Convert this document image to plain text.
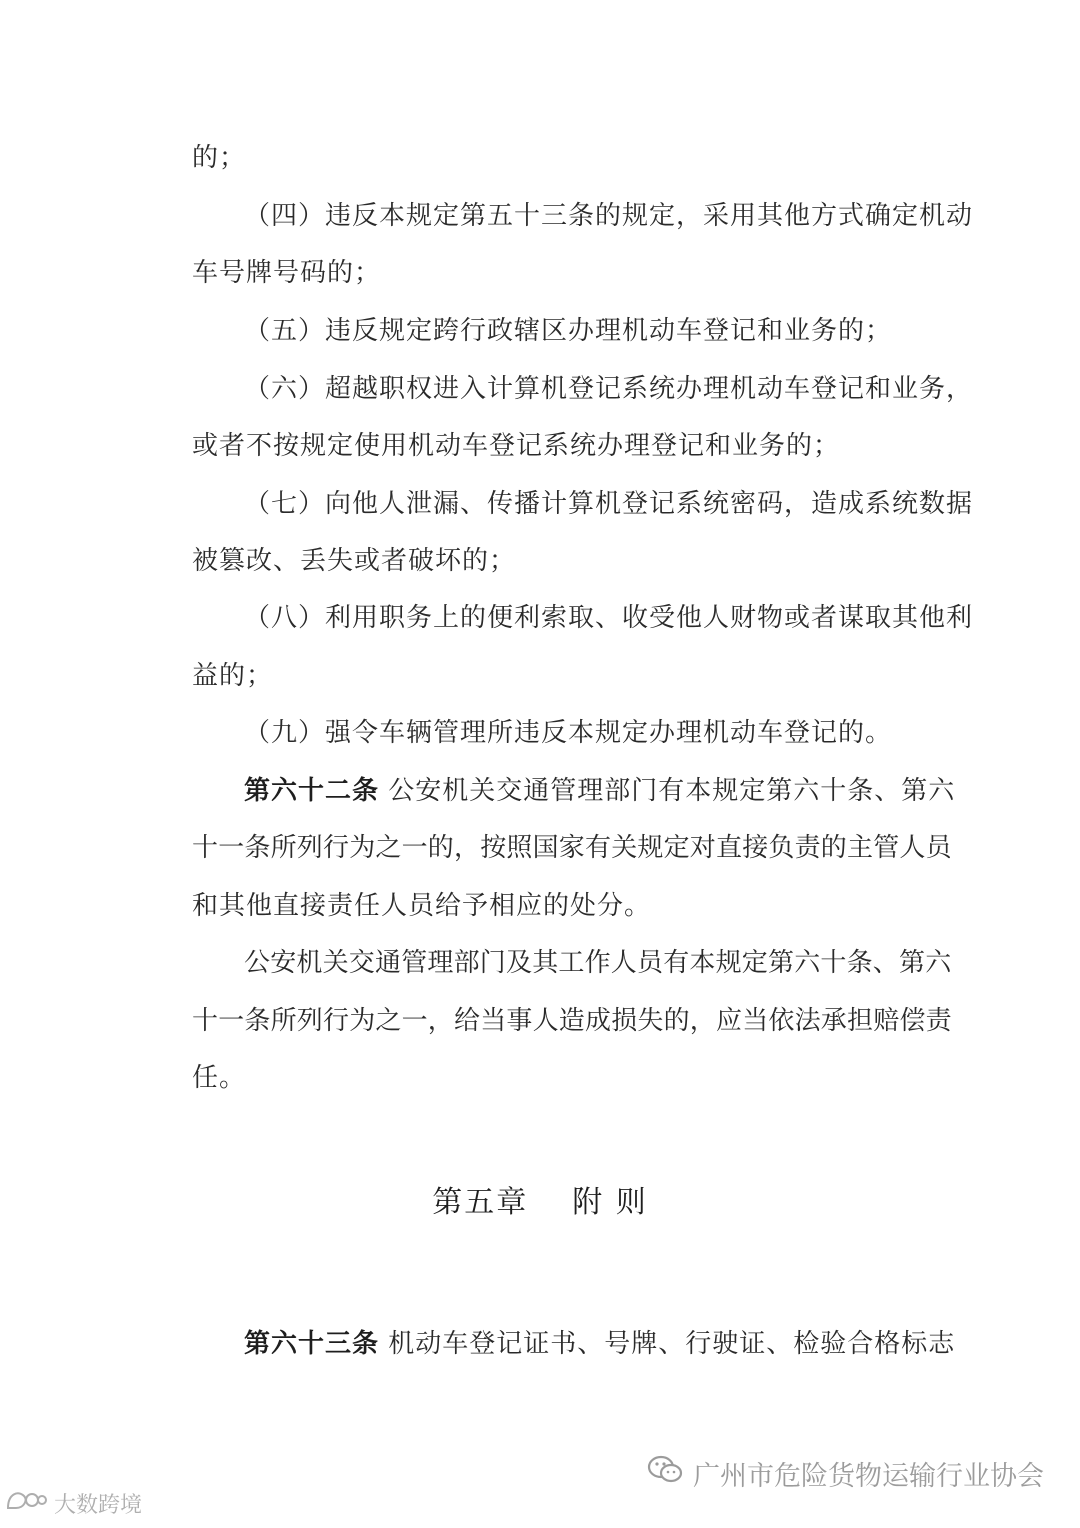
的；
（四）违反本规定第五十三条的规定，采用其他方式确定机动
车号牌号码的；
（五）违反规定跨行政辖区办理机动车登记和业务的；
（六）超越职权进入计算机登记系统办理机动车登记和业务，
或者不按规定使用机动车登记系统办理登记和业务的；
（七）向他人泄漏、传播计算机登记系统密码，造成系统数据
被篡改、丢失或者破坏的；
（八）利用职务上的便利索取、收受他人财物或者谋取其他利
益的；
（九）强令车辆管理所违反本规定办理机动车登记的。
第六十二条 公安机关交通管理部门有本规定第六十条、第六
十一条所列行为之一的，按照国家有关规定对直接负责的主管人员
和其他直接责任人员给予相应的处分。
公安机关交通管理部门及其工作人员有本规定第六十条、第六
十一条所列行为之一，给当事人造成损失的，应当依法承担赔偿责
任。
第五章 附 则
第六十三条 机动车登记证书、号牌、行驶证、检验合格标志
广州市危险货物运输行业协会
大数跨境
